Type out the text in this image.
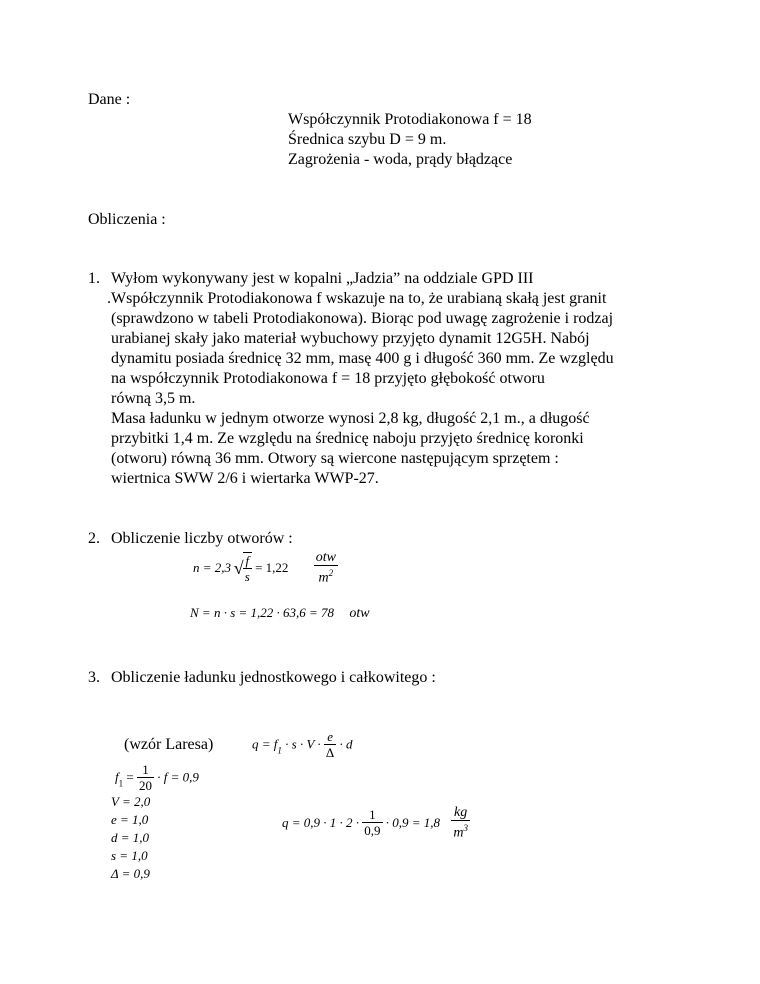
Dane :
Współczynnik Protodiakonowa f = 18
Średnica szybu D = 9 m.
Zagrożenia - woda, prądy błądzące
Obliczenia :
1. Wyłom wykonywany jest w kopalni „Jadzia” na oddziale GPD III
.Współczynnik Protodiakonowa f wskazuje na to, że urabianą skałą jest granit
(sprawdzono w tabeli Protodiakonowa). Biorąc pod uwagę zagrożenie i rodzaj
urabianej skały jako materiał wybuchowy przyjęto dynamit 12G5H. Nabój
dynamitu posiada średnicę 32 mm, masę 400 g i długość 360 mm. Ze względu
na współczynnik Protodiakonowa f = 18 przyjęto głębokość otworu
równą 3,5 m.
Masa ładunku w jednym otworze wynosi 2,8 kg, długość 2,1 m., a długość
przybitki 1,4 m. Ze względu na średnicę naboju przyjęto średnicę koronki
(otworu) równą 36 mm. Otwory są wiercone następującym sprzętem :
wiertnica SWW 2/6 i wiertarka WWP-27.
2. Obliczenie liczby otworów :
n = 2,3 ·
√ $\frac{f}{s} = 1,22 \frac{\text{otw}}{m^2}$
N = n · s = 1,22 · 63,6 = 78 otw
3. Obliczenie ładunku jednostkowego i całkowitego :
(wzór Laresa)	$q = f_1 \cdot s \cdot V \cdot \frac{e}{\Delta} \cdot d$
$f_1 = \frac{1}{20} \cdot f = 0,9$
V = 2,0
e = 1,0
d = 1,0
s = 1,0
Δ = 0,9
$q = 0,9 \cdot 1 \cdot 2 \cdot \frac{1}{0,9} \cdot 0,9 = 1,8 \frac{kg}{m^3}$
